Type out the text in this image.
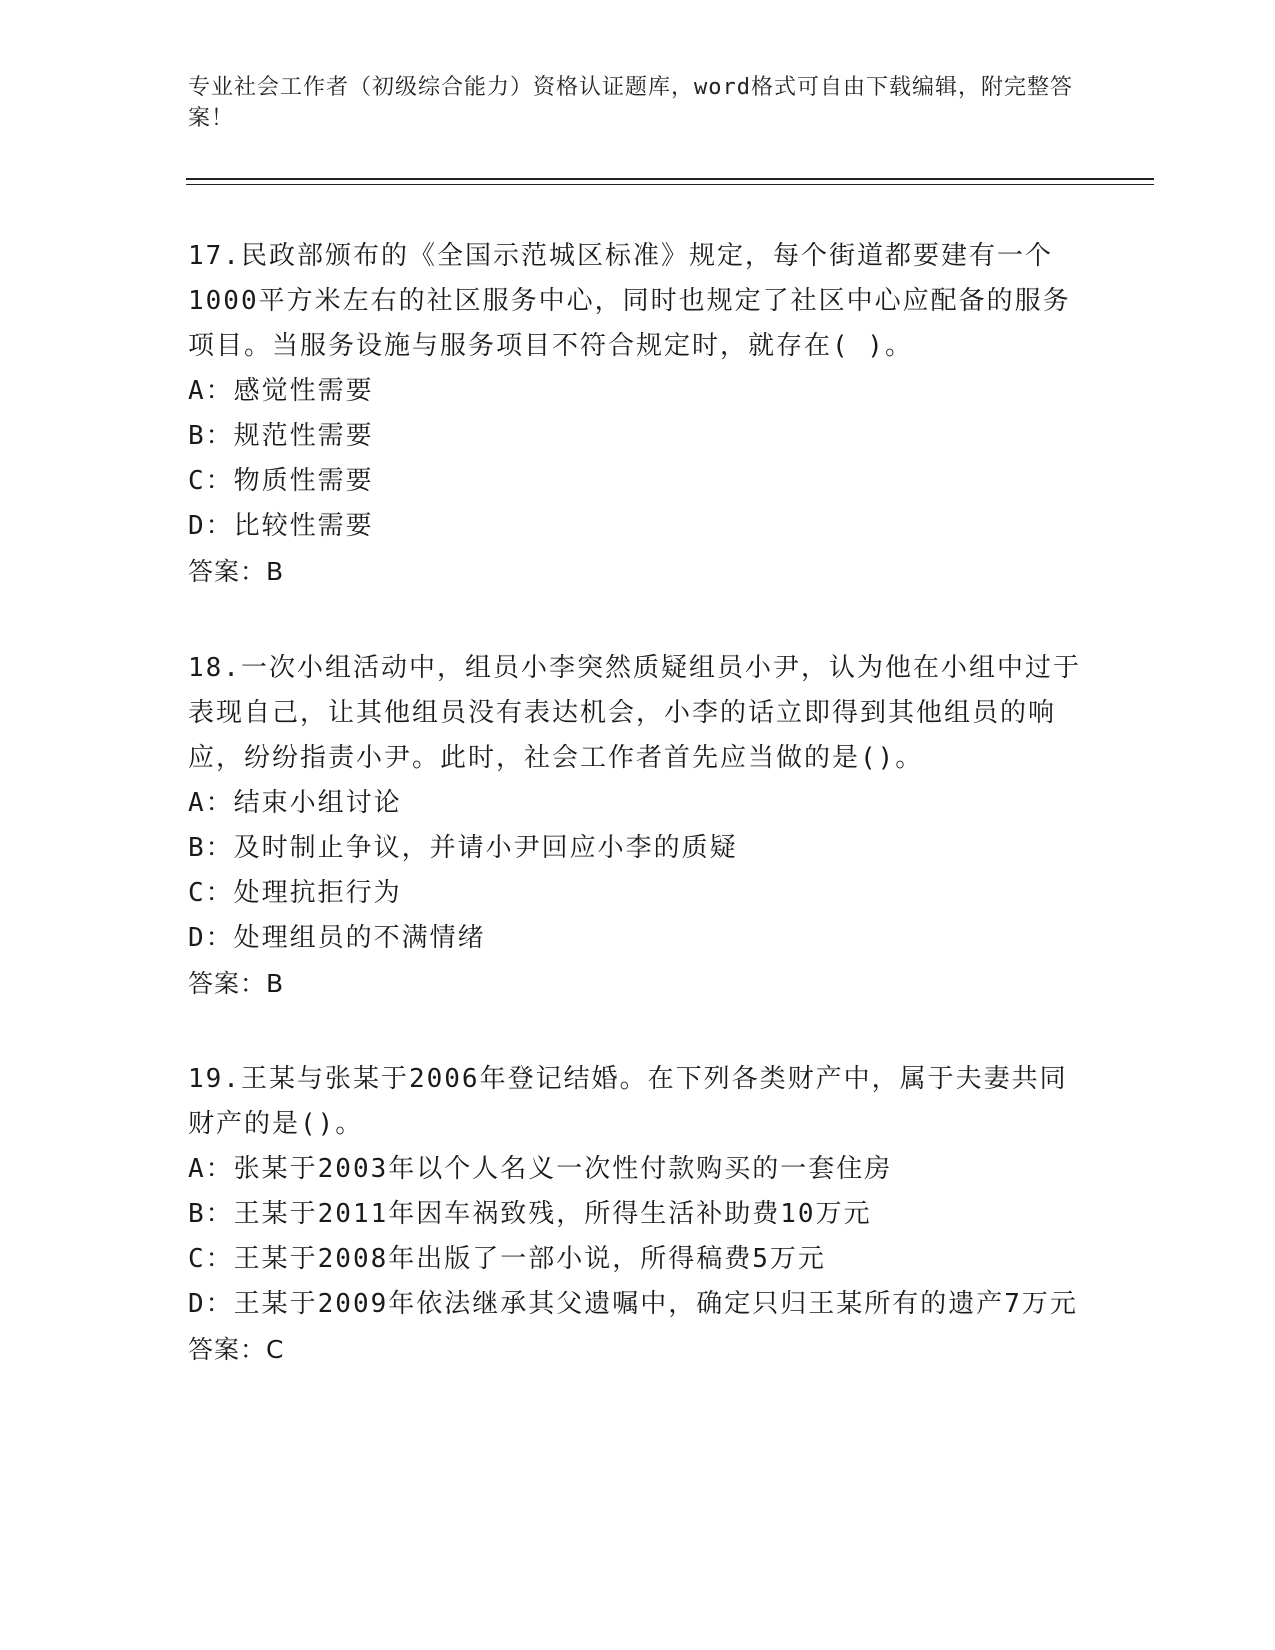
专业社会工作者（初级综合能力）资格认证题库，word格式可自由下载编辑，附完整答案！

17.民政部颁布的《全国示范城区标准》规定，每个街道都要建有一个1000平方米左右的社区服务中心，同时也规定了社区中心应配备的服务项目。当服务设施与服务项目不符合规定时，就存在( )。

A：感觉性需要

B：规范性需要

C：物质性需要

D：比较性需要

答案：B

18.一次小组活动中，组员小李突然质疑组员小尹，认为他在小组中过于表现自己，让其他组员没有表达机会，小李的话立即得到其他组员的响应，纷纷指责小尹。此时，社会工作者首先应当做的是()。

A：结束小组讨论

B：及时制止争议，并请小尹回应小李的质疑

C：处理抗拒行为

D：处理组员的不满情绪

答案：B

19.王某与张某于2006年登记结婚。在下列各类财产中，属于夫妻共同财产的是()。

A：张某于2003年以个人名义一次性付款购买的一套住房

B：王某于2011年因车祸致残，所得生活补助费10万元

C：王某于2008年出版了一部小说，所得稿费5万元

D：王某于2009年依法继承其父遗嘱中，确定只归王某所有的遗产7万元

答案：C
